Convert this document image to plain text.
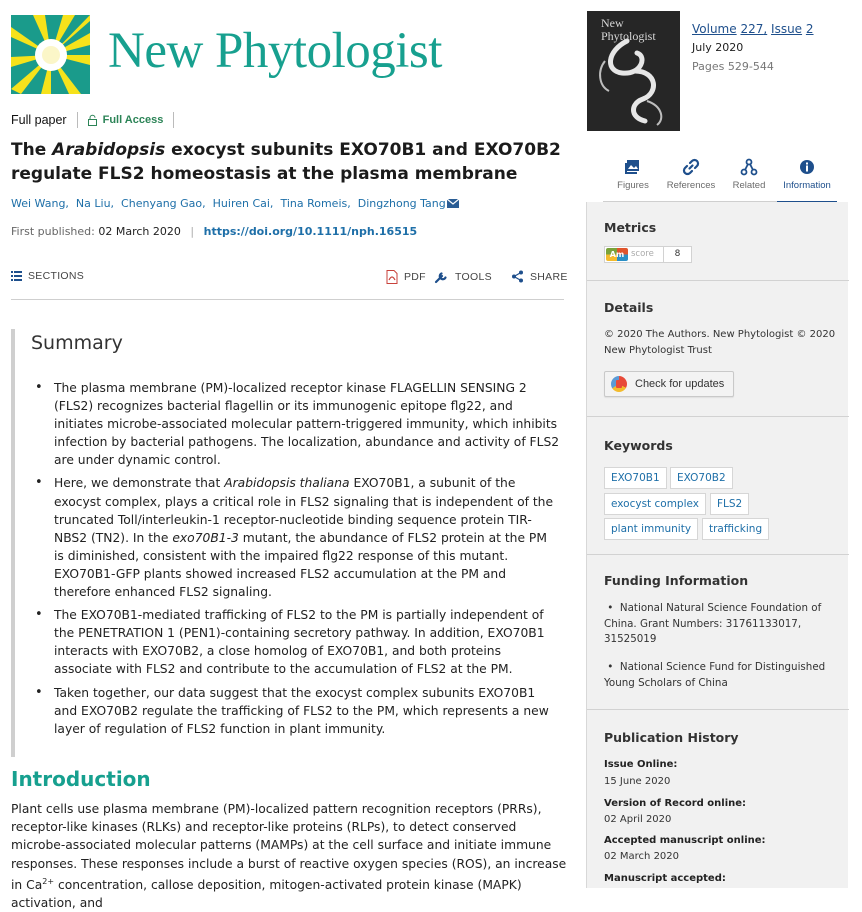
New Phytologist
Full paper	Full Access
The Arabidopsis exocyst subunits EXO70B1 and EXO70B2 regulate FLS2 homeostasis at the plasma membrane
Wei Wang, Na Liu, Chenyang Gao, Huiren Cai, Tina Romeis, Dingzhong Tang
First published: 02 March 2020 | https://doi.org/10.1111/nph.16515
SECTIONS	PDF	TOOLS	SHARE
Summary
• The plasma membrane (PM)-localized receptor kinase FLAGELLIN SENSING 2 (FLS2) recognizes bacterial flagellin or its immunogenic epitope flg22, and initiates microbe-associated molecular pattern-triggered immunity, which inhibits infection by bacterial pathogens. The localization, abundance and activity of FLS2 are under dynamic control.
• Here, we demonstrate that Arabidopsis thaliana EXO70B1, a subunit of the exocyst complex, plays a critical role in FLS2 signaling that is independent of the truncated Toll/interleukin-1 receptor-nucleotide binding sequence protein TIR-NBS2 (TN2). In the exo70B1-3 mutant, the abundance of FLS2 protein at the PM is diminished, consistent with the impaired flg22 response of this mutant. EXO70B1-GFP plants showed increased FLS2 accumulation at the PM and therefore enhanced FLS2 signaling.
• The EXO70B1-mediated trafficking of FLS2 to the PM is partially independent of the PENETRATION 1 (PEN1)-containing secretory pathway. In addition, EXO70B1 interacts with EXO70B2, a close homolog of EXO70B1, and both proteins associate with FLS2 and contribute to the accumulation of FLS2 at the PM.
• Taken together, our data suggest that the exocyst complex subunits EXO70B1 and EXO70B2 regulate the trafficking of FLS2 to the PM, which represents a new layer of regulation of FLS2 function in plant immunity.
Introduction

Plant cells use plasma membrane (PM)-localized pattern recognition receptors (PRRs), receptor-like kinases (RLKs) and receptor-like proteins (RLPs), to detect conserved microbe-associated molecular patterns (MAMPs) at the cell surface and initiate immune responses. These responses include a burst of reactive oxygen species (ROS), an increase in $Ca^{2+}$ concentration, callose deposition, mitogen-activated protein kinase (MAPK) activation, and

New Phytologist	Volume 227, Issue 2
July 2020
Pages 529-544
Figures	References	Related	Information
Metrics
Am score	8
Details
© 2020 The Authors. New Phytologist © 2020 New Phytologist Trust
Check for updates
Keywords
EXO70B1	EXO70B2
exocyst complex	FLS2
plant immunity	trafficking
Funding Information
•  National Natural Science Foundation of China. Grant Numbers: 31761133017, 31525019
•  National Science Fund for Distinguished Young Scholars of China
Publication History
Issue Online:
15 June 2020
Version of Record online:
02 April 2020
Accepted manuscript online:
02 March 2020
Manuscript accepted:
